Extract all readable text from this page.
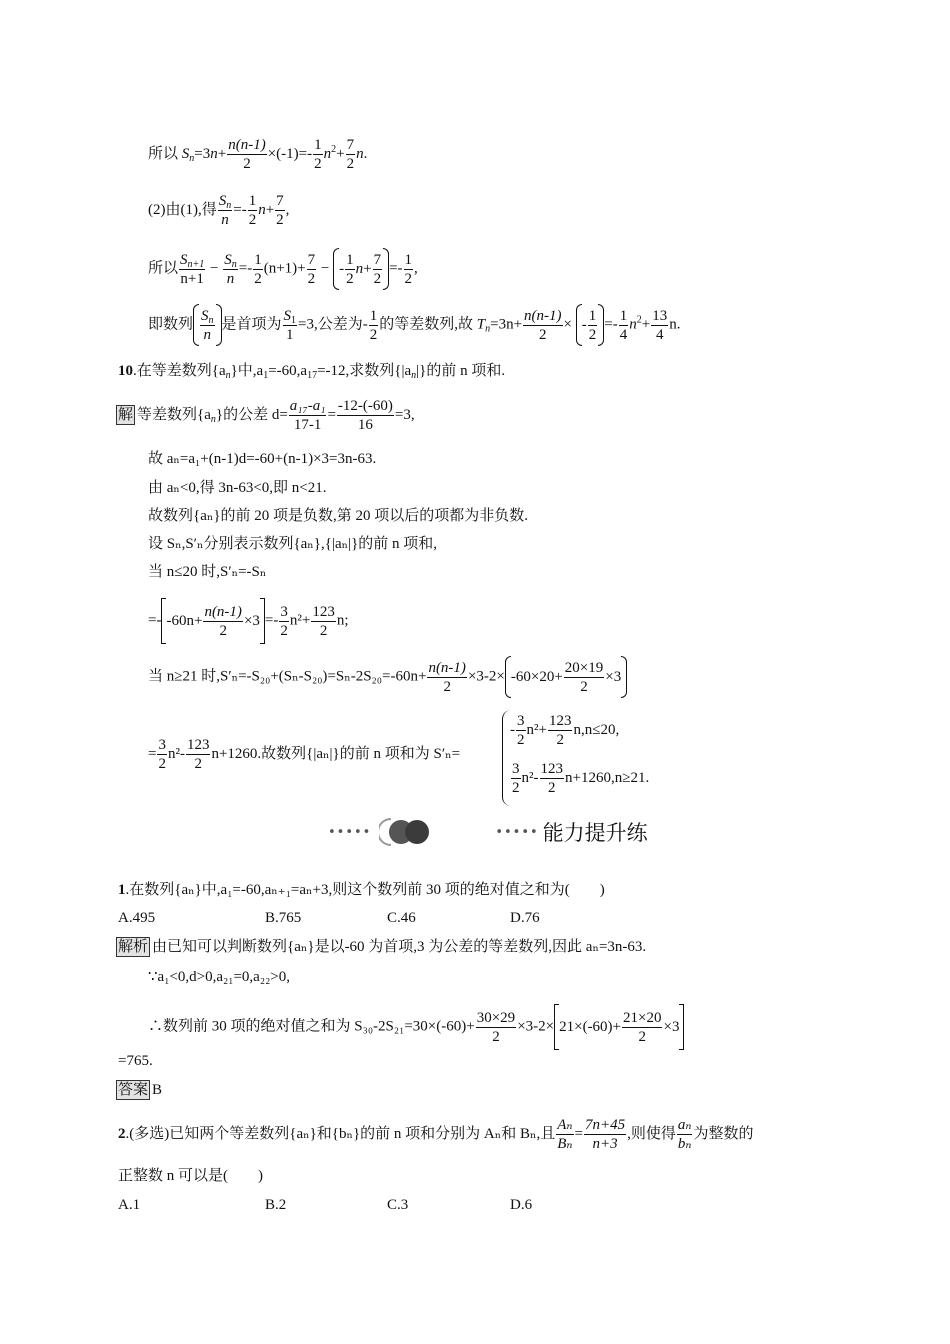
所以 $S_n=3n+ \frac{n(n-1)}{2} \times(-1)=- \frac{1}{2} n^2+ \frac{7}{2} n$.
(2)由(1),得 $\frac{S_n}{n} =- \frac{1}{2} n+ \frac{7}{2}$ ,
所以 $\frac{S_{n+1}}{n+1} - \frac{S_n}{n} =- \frac{1}{2} (n+1)+ \frac{7}{2}$ − - $\frac{1}{2} n+ \frac{7}{2} =- \frac{1}{2}$ ,
即数列 $\frac{S_n}{n}$ 是首项为 $\frac{S_1}{1} =3$,公差为- $\frac{1}{2}$ 的等差数列,故 $T_n=3n+ \frac{n(n-1)}{2}$ × - $\frac{1}{2} =- \frac{1}{4} n^2+ \frac{13}{4} n$.
10.在等差数列$\{a_n\}$中$,a_1=-60,a_{17}=-12$,求数列$\{|a_n|\}$的前 n 项和.
解 等差数列$\{a_n\}$的公差 $d= \frac{\text{a₁₇-a₁}}{17-1} = \frac{-12-(-60)}{16} =3$,
故 aₙ=a₁+(n-1)d=-60+(n-1)×3=3n-63.
由 aₙ<0,得 3n-63<0,即 n<21.
故数列{aₙ}的前 20 项是负数,第 20 项以后的项都为非负数.
设 Sₙ,S′ₙ分别表示数列{aₙ},{|aₙ|}的前 n 项和,
当 n≤20 时,S′ₙ=-Sₙ
=- $-60n+ \frac{n(n-1)}{2} \times 3 =- \frac{3}{2} n^2+ \frac{123}{2} n$;
当 n≥21 时$,S'_n=-S_{20}+(S_n-S_{20})=S_n-2S_{20}=-60n+ \frac{n(n-1)}{2} \times 3-2\times -60\times 20+ \frac{20\times 19}{2} \times 3$
= $\frac{3}{2} n^2- \frac{123}{2} n+1260$.故数列{|aₙ|}的前 n 项和为 S′ₙ=
- $\frac{3}{2} n^2+ \frac{123}{2} n,n\le 20$,
$\frac{3}{2} n^2- \frac{123}{2} n+1260,n\ge 21$.
•••••	••••• 能力提升练
1.在数列{aₙ}中,a₁=-60,aₙ₊₁=aₙ+3,则这个数列前 30 项的绝对值之和为(　　)
A.495	B.765	C.46	D.76
解析 由已知可以判断数列{aₙ}是以-60 为首项,3 为公差的等差数列,因此 aₙ=3n-63.
∵a₁<0,d>0,a₂₁=0,a₂₂>0,
∴数列前 30 项的绝对值之和为 $S_{30}-2S_{21}=30\times(-60)+ \frac{30\times 29}{2} \times 3-2\times 21\times(-60)+ \frac{21\times 20}{2} \times 3$
=765.
答案 B
2.(多选)已知两个等差数列{aₙ}和{bₙ}的前 n 项和分别为 Aₙ和 Bₙ,且 $\frac{\text{Aₙ}}{\text{Bₙ}} = \frac{7n+45}{n+3}$ ,则使得 $\frac{\text{aₙ}}{\text{bₙ}}$ 为整数的
正整数 n 可以是(　　)
A.1	B.2	C.3	D.6
